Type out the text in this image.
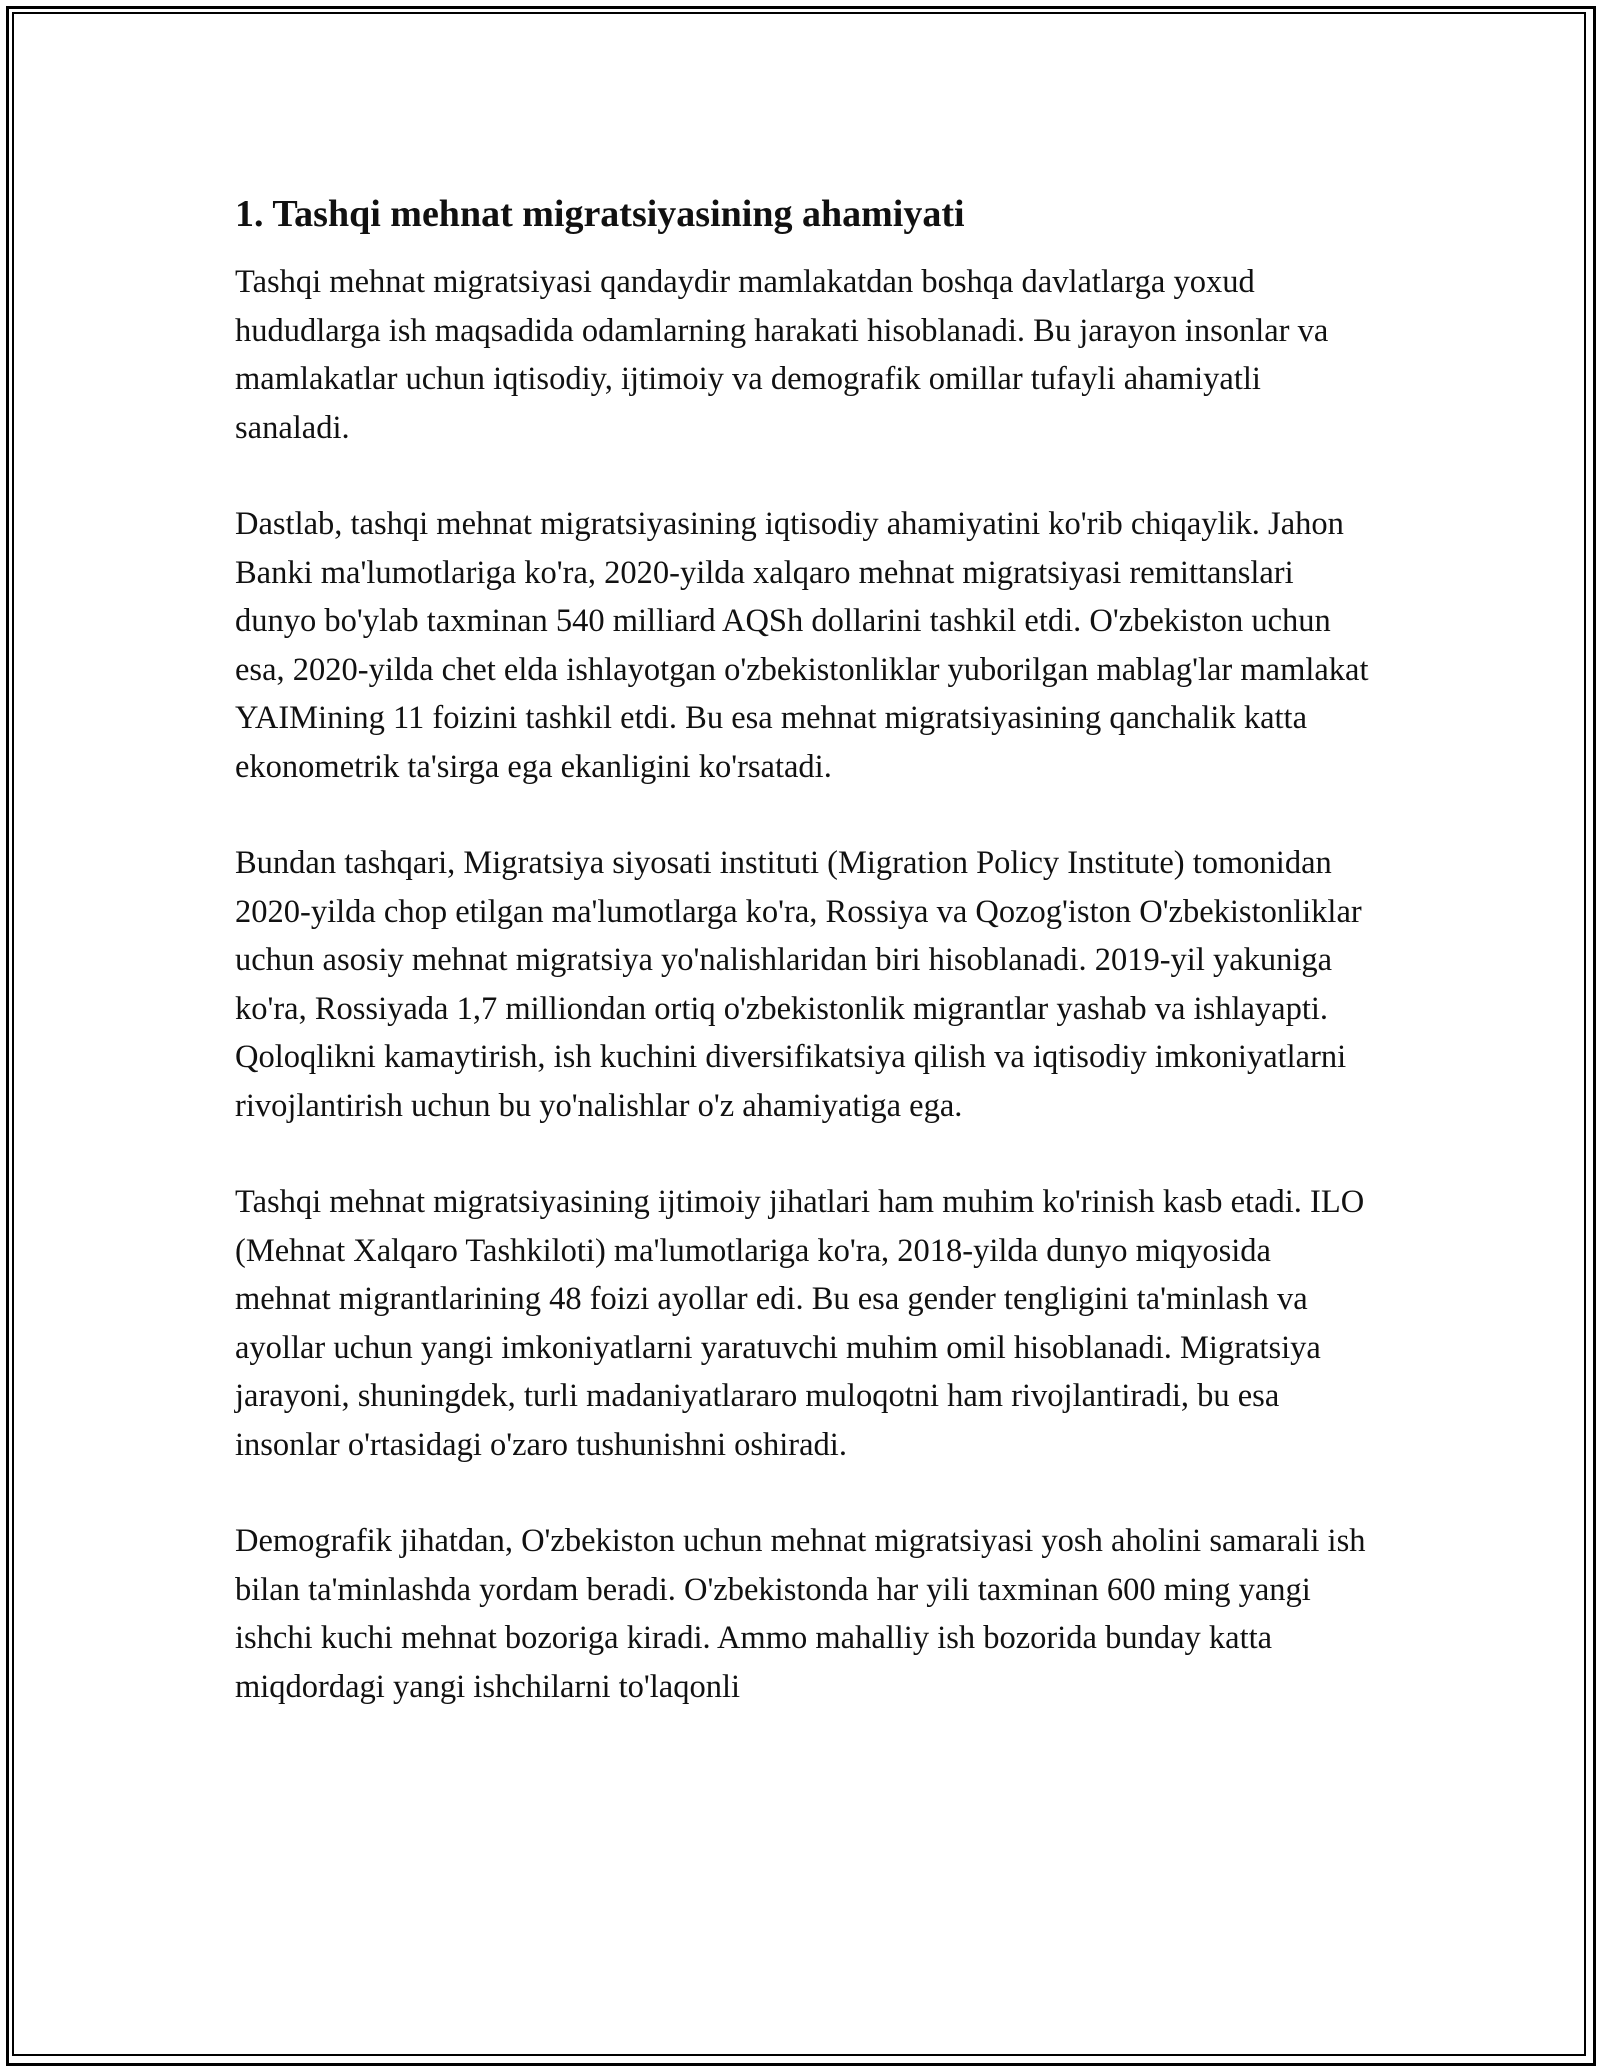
1. Tashqi mehnat migratsiyasining ahamiyati

Tashqi mehnat migratsiyasi qandaydir mamlakatdan boshqa davlatlarga yoxud hududlarga ish maqsadida odamlarning harakati hisoblanadi. Bu jarayon insonlar va mamlakatlar uchun iqtisodiy, ijtimoiy va demografik omillar tufayli ahamiyatli sanaladi.

Dastlab, tashqi mehnat migratsiyasining iqtisodiy ahamiyatini ko'rib chiqaylik. Jahon Banki ma'lumotlariga ko'ra, 2020-yilda xalqaro mehnat migratsiyasi remittanslari dunyo bo'ylab taxminan 540 milliard AQSh dollarini tashkil etdi. O'zbekiston uchun esa, 2020-yilda chet elda ishlayotgan o'zbekistonliklar yuborilgan mablag'lar mamlakat YAIMining 11 foizini tashkil etdi. Bu esa mehnat migratsiyasining qanchalik katta ekonometrik ta'sirga ega ekanligini ko'rsatadi.

Bundan tashqari, Migratsiya siyosati instituti (Migration Policy Institute) tomonidan 2020-yilda chop etilgan ma'lumotlarga ko'ra, Rossiya va Qozog'iston O'zbekistonliklar uchun asosiy mehnat migratsiya yo'nalishlaridan biri hisoblanadi. 2019-yil yakuniga ko'ra, Rossiyada 1,7 milliondan ortiq o'zbekistonlik migrantlar yashab va ishlayapti. Qoloqlikni kamaytirish, ish kuchini diversifikatsiya qilish va iqtisodiy imkoniyatlarni rivojlantirish uchun bu yo'nalishlar o'z ahamiyatiga ega.

Tashqi mehnat migratsiyasining ijtimoiy jihatlari ham muhim ko'rinish kasb etadi. ILO (Mehnat Xalqaro Tashkiloti) ma'lumotlariga ko'ra, 2018-yilda dunyo miqyosida mehnat migrantlarining 48 foizi ayollar edi. Bu esa gender tengligini ta'minlash va ayollar uchun yangi imkoniyatlarni yaratuvchi muhim omil hisoblanadi. Migratsiya jarayoni, shuningdek, turli madaniyatlararo muloqotni ham rivojlantiradi, bu esa insonlar o'rtasidagi o'zaro tushunishni oshiradi.

Demografik jihatdan, O'zbekiston uchun mehnat migratsiyasi yosh aholini samarali ish bilan ta'minlashda yordam beradi. O'zbekistonda har yili taxminan 600 ming yangi ishchi kuchi mehnat bozoriga kiradi. Ammo mahalliy ish bozorida bunday katta miqdordagi yangi ishchilarni to'laqonli
